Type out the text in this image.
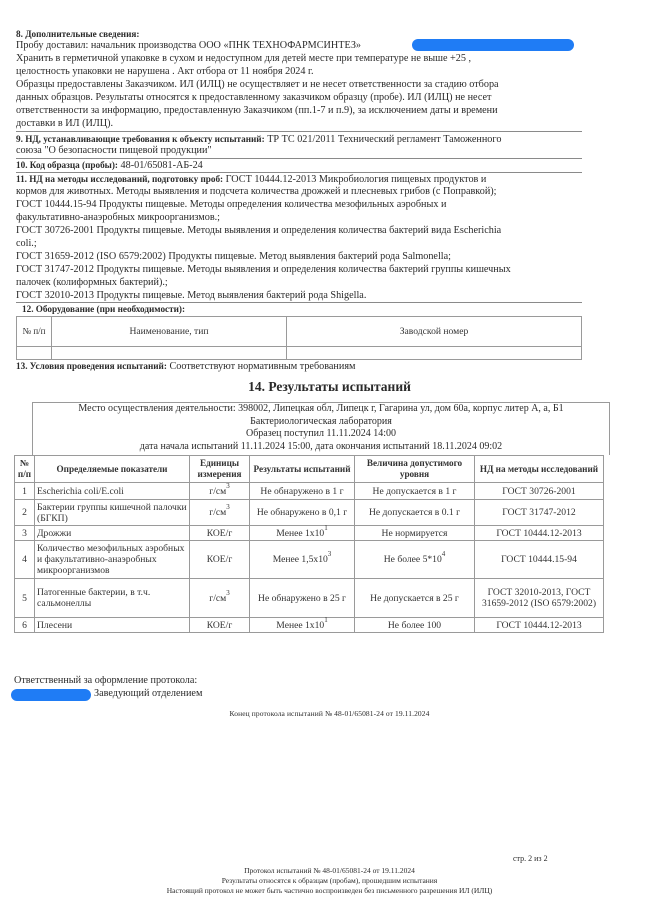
8. Дополнительные сведения:
Пробу доставил: начальник производства ООО «ПНК ТЕХНОФАРМСИНТЕЗ»
Хранить в герметичной упаковке в сухом и недоступном для детей месте при температуре не выше +25 ,
целостность упаковки не нарушена . Акт отбора от 11 ноября 2024 г.
Образцы предоставлены Заказчиком. ИЛ (ИЛЦ) не осуществляет и не несет ответственности за стадию отбора
данных образцов. Результаты относятся к предоставленному заказчиком образцу (пробе). ИЛ (ИЛЦ) не несет
ответственности за информацию, предоставленную Заказчиком (пп.1-7 и п.9), за исключением даты и времени
доставки в ИЛ (ИЛЦ).
9. НД, устанавливающие требования к объекту испытаний: ТР ТС 021/2011 Технический регламент Таможенного
союза "О безопасности пищевой продукции"
10. Код образца (пробы): 48-01/65081-АБ-24
11. НД на методы исследований, подготовку проб: ГОСТ 10444.12-2013 Микробиология пищевых продуктов и
кормов для животных. Методы выявления и подсчета количества дрожжей и плесневых грибов (с Поправкой);
ГОСТ 10444.15-94 Продукты пищевые. Методы определения количества мезофильных аэробных и
факультативно-анаэробных микроорганизмов.;
ГОСТ 30726-2001 Продукты пищевые. Методы выявления и определения количества бактерий вида Escherichia
coli.;
ГОСТ 31659-2012 (ISO 6579:2002) Продукты пищевые. Метод выявления бактерий рода Salmonella;
ГОСТ 31747-2012 Продукты пищевые. Методы выявления и определения количества бактерий группы кишечных
палочек (колиформных бактерий).;
ГОСТ 32010-2013 Продукты пищевые. Метод выявления бактерий рода Shigella.
12. Оборудование (при необходимости):
№ п/п	Наименование, тип	Заводской номер

13. Условия проведения испытаний: Соответствуют нормативным требованиям
14. Результаты испытаний
Место осуществления деятельности: 398002, Липецкая обл, Липецк г, Гагарина ул, дом 60а, корпус литер А, а, Б1
Бактериологическая лаборатория
Образец поступил 11.11.2024 14:00
дата начала испытаний 11.11.2024 15:00, дата окончания испытаний 18.11.2024 09:02
№ п/п	Определяемые показатели	Единицы измерения	Результаты испытаний	Величина допустимого уровня	НД на методы исследований
1	Escherichia coli/E.coli	$г/см^3$	Не обнаружено в 1 г	Не допускается в 1 г	ГОСТ 30726-2001
2	Бактерии группы кишечной палочки (БГКП)	$г/см^3$	Не обнаружено в 0,1 г	Не допускается в 0.1 г	ГОСТ 31747-2012
3	Дрожжи	КОЕ/г	Менее $1x10^1$	Не нормируется	ГОСТ 10444.12-2013
4	Количество мезофильных аэробных и факультативно-анаэробных микроорганизмов	КОЕ/г	Менее $1,5x10^3$	Не более $5*10^4$	ГОСТ 10444.15-94
5	Патогенные бактерии, в т.ч. сальмонеллы	$г/см^3$	Не обнаружено в 25 г	Не допускается в 25 г	ГОСТ 32010-2013, ГОСТ 31659-2012 (ISO 6579:2002)
6	Плесени	КОЕ/г	Менее $1x10^1$	Не более 100	ГОСТ 10444.12-2013
Ответственный за оформление протокола:
Заведующий отделением
Конец протокола испытаний № 48-01/65081-24 от 19.11.2024
стр. 2 из 2
Протокол испытаний № 48-01/65081-24 от 19.11.2024
Результаты относятся к образцам (пробам), прошедшим испытания
Настоящий протокол не может быть частично воспроизведен без письменного разрешения ИЛ (ИЛЦ)
